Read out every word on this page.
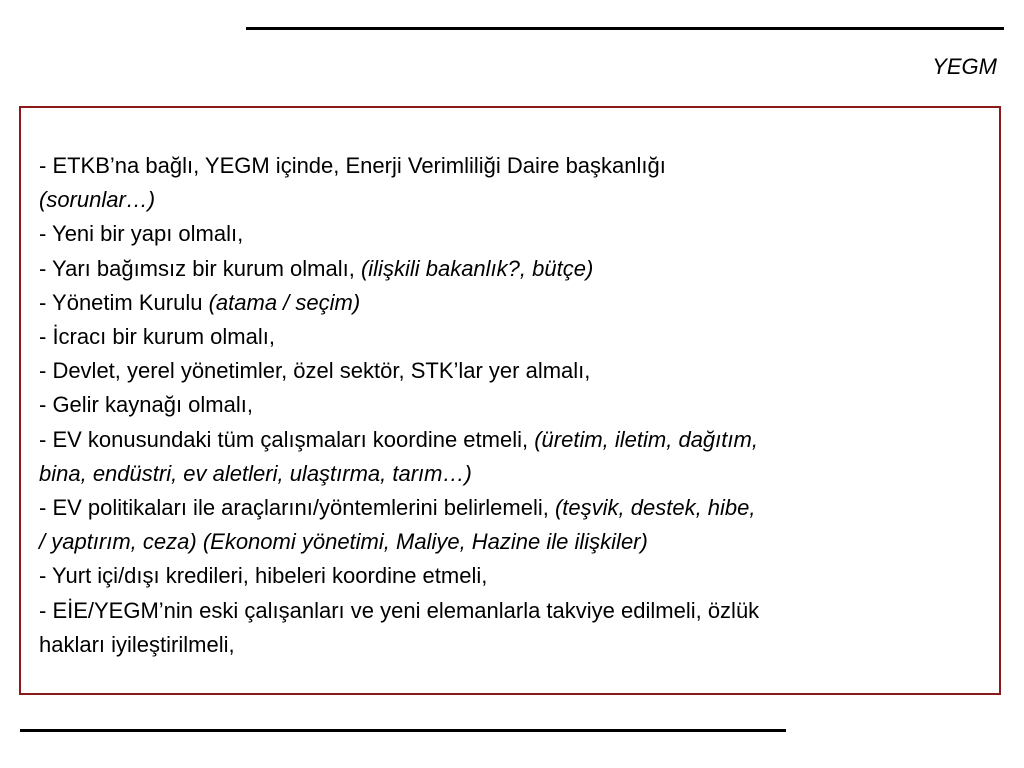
YEGM
- ETKB’na bağlı, YEGM içinde, Enerji Verimliliği Daire başkanlığı
(sorunlar…)
- Yeni bir yapı olmalı,
- Yarı bağımsız bir kurum olmalı, (ilişkili bakanlık?, bütçe)
- Yönetim Kurulu (atama / seçim)
- İcracı bir kurum olmalı,
- Devlet, yerel yönetimler, özel sektör, STK’lar yer almalı,
- Gelir kaynağı olmalı,
- EV konusundaki tüm çalışmaları koordine etmeli, (üretim, iletim, dağıtım,
bina, endüstri, ev aletleri, ulaştırma, tarım…)
- EV politikaları ile araçlarını/yöntemlerini belirlemeli, (teşvik, destek, hibe,
/ yaptırım, ceza) (Ekonomi yönetimi, Maliye, Hazine ile ilişkiler)
- Yurt içi/dışı kredileri, hibeleri koordine etmeli,
- EİE/YEGM’nin eski çalışanları ve yeni elemanlarla takviye edilmeli, özlük
hakları iyileştirilmeli,
